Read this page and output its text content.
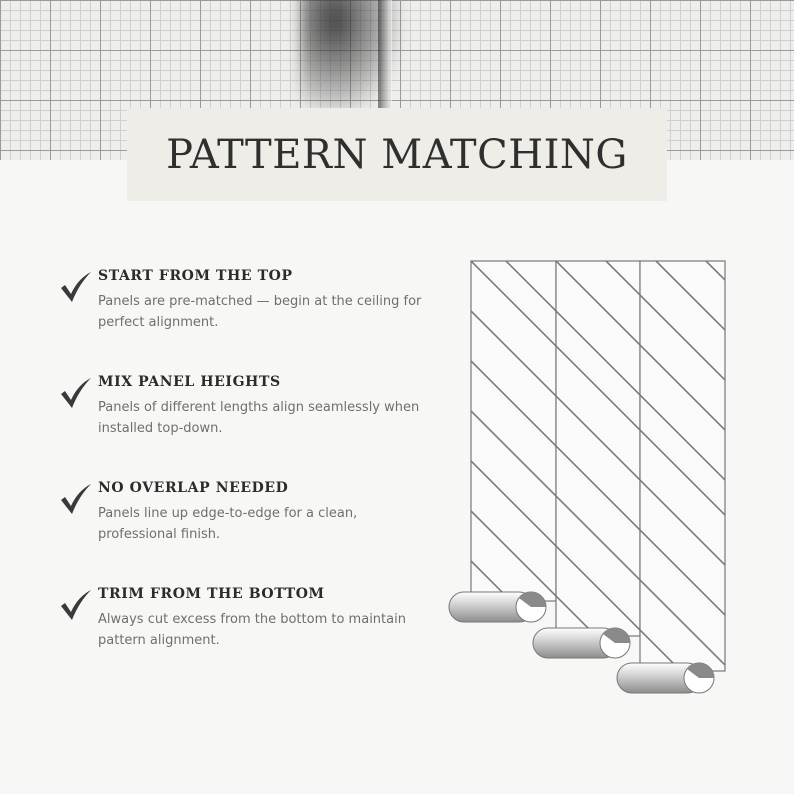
PATTERN MATCHING
START FROM THE TOP

Panels are pre-matched — begin at the ceiling for perfect alignment.

MIX PANEL HEIGHTS

Panels of different lengths align seamlessly when installed top-down.

NO OVERLAP NEEDED

Panels line up edge-to-edge for a clean, professional finish.

TRIM FROM THE BOTTOM

Always cut excess from the bottom to maintain pattern alignment.
